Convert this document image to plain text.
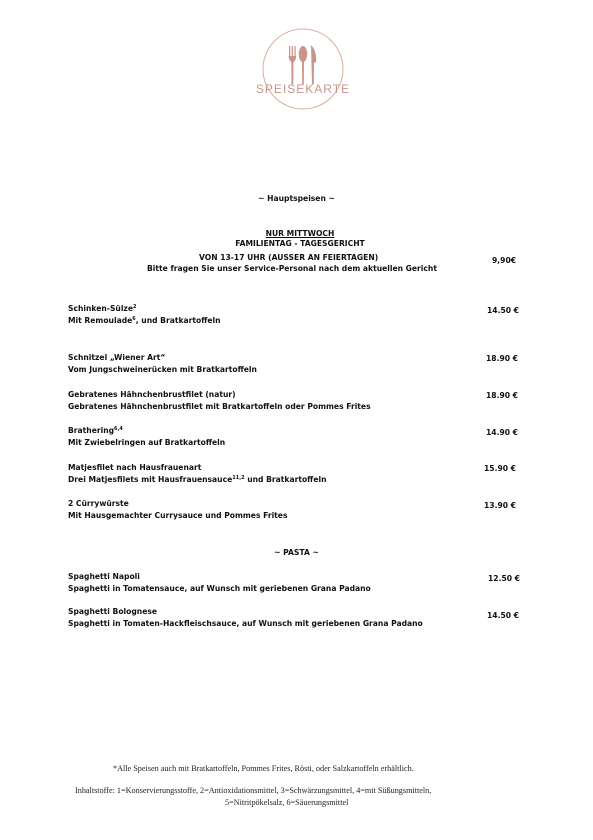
SPEISEKARTE
~ Hauptspeisen ~
NUR MITTWOCH
FAMILIENTAG - TAGESGERICHT
VON 13-17 UHR (AUSSER AN FEIERTAGEN)
Bitte fragen Sie unser Service-Personal nach dem aktuellen Gericht
9,90€
Schinken-Sülze$^2$
Mit Remoulade$^6$, und Bratkartoffeln
14.50 €
Schnitzel „Wiener Art“
Vom Jungschweinerücken mit Bratkartoffeln
18.90 €
Gebratenes Hähnchenbrustfilet (natur)
Gebratenes Hähnchenbrustfilet mit Bratkartoffeln oder Pommes Frites
18.90 €
Brathering$^{6,4}$
Mit Zwiebelringen auf Bratkartoffeln
14.90 €
Matjesfilet nach Hausfrauenart
Drei Matjesfilets mit Hausfrauensauce$^{11,2}$ und Bratkartoffeln
15.90 €
2 Cürrywürste
Mit Hausgemachter Currysauce und Pommes Frites
13.90 €
~ PASTA ~
Spaghetti Napoli
Spaghetti in Tomatensauce, auf Wunsch mit geriebenen Grana Padano
12.50 €
Spaghetti Bolognese
Spaghetti in Tomaten-Hackfleischsauce, auf Wunsch mit geriebenen Grana Padano
14.50 €
*Alle Speisen auch mit Bratkartoffeln, Pommes Frites, Rösti, oder Salzkartoffeln erhältlich.
Inhaltstoffe: 1=Konservierungsstoffe, 2=Antioxidationsmittel, 3=Schwärzungsmittel, 4=mit Süßungsmitteln,
5=Nitritpökelsalz, 6=Säuerungsmittel
